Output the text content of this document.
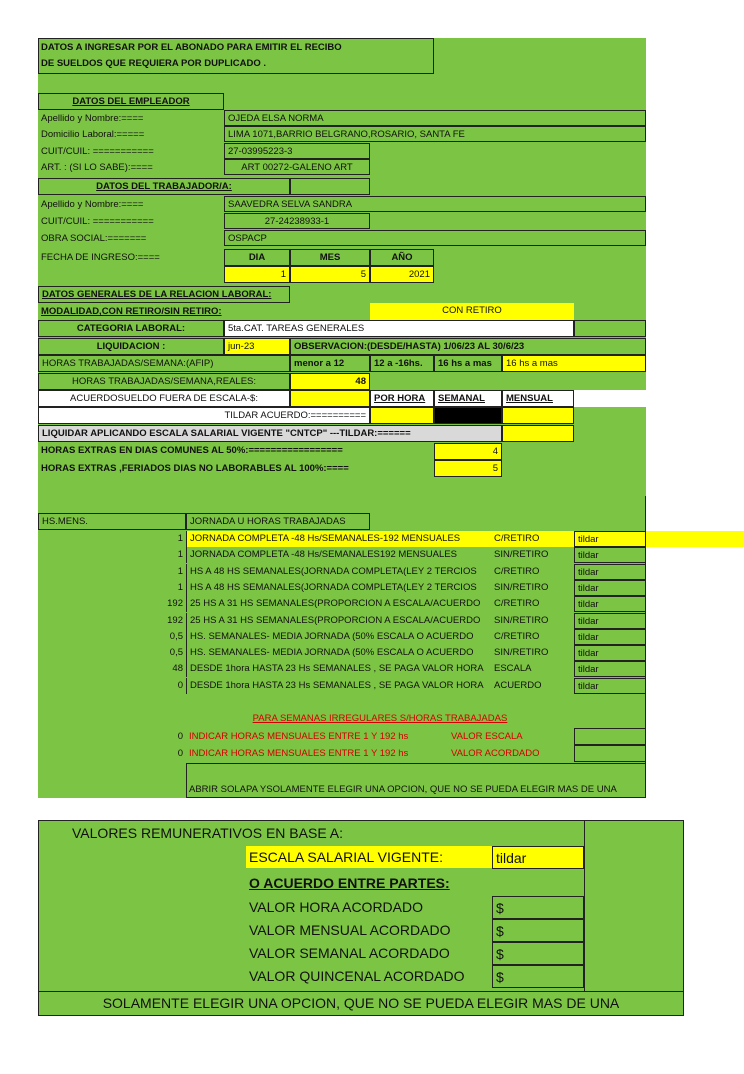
DATOS A INGRESAR POR EL ABONADO PARA EMITIR EL RECIBO
DE SUELDOS QUE REQUIERA POR DUPLICADO .
DATOS DEL EMPLEADOR
Apellido y Nombre:====	OJEDA ELSA NORMA
Domicilio Laboral:=====	LIMA 1071,BARRIO BELGRANO,ROSARIO, SANTA FE
CUIT/CUIL: ===========	27-03995223-3
ART. : (SI LO SABE):====	ART 00272-GALENO ART
DATOS DEL TRABAJADOR/A:
Apellido y Nombre:====	SAAVEDRA SELVA SANDRA
CUIT/CUIL: ===========	27-24238933-1
OBRA SOCIAL:=======	OSPACP
FECHA DE INGRESO:====	DIA	MES	AÑO
1	5	2021
DATOS GENERALES DE LA RELACION LABORAL:
MODALIDAD,CON RETIRO/SIN RETIRO:	CON RETIRO
CATEGORIA LABORAL:	5ta.CAT. TAREAS GENERALES
LIQUIDACION :	jun-23	OBSERVACION:(DESDE/HASTA) 1/06/23 AL 30/6/23
HORAS TRABAJADAS/SEMANA:(AFIP)	menor a 12	12 a -16hs.	16 hs a mas	16 hs a mas
HORAS TRABAJADAS/SEMANA,REALES:	48
ACUERDOSUELDO FUERA DE ESCALA-$:	POR HORA	SEMANAL	MENSUAL
TILDAR ACUERDO:==========
LIQUIDAR APLICANDO ESCALA SALARIAL VIGENTE "CNTCP" ---TILDAR:======
HORAS EXTRAS EN DIAS COMUNES AL 50%:=================	4
HORAS EXTRAS ,FERIADOS DIAS NO LABORABLES AL 100%:====	5
HS.MENS.	JORNADA U HORAS TRABAJADAS
1 JORNADA COMPLETA -48 Hs/SEMANALES-192 MENSUALES	C/RETIRO	tildar
1 JORNADA COMPLETA -48 Hs/SEMANALES192 MENSUALES	SIN/RETIRO	tildar
1 HS A 48 HS SEMANALES(JORNADA COMPLETA(LEY 2 TERCIOS	C/RETIRO	tildar
1 HS A 48 HS SEMANALES(JORNADA COMPLETA(LEY 2 TERCIOS	SIN/RETIRO	tildar
192 25 HS A 31 HS SEMANALES(PROPORCION A ESCALA/ACUERDO	C/RETIRO	tildar
192 25 HS A 31 HS SEMANALES(PROPORCION A ESCALA/ACUERDO	SIN/RETIRO	tildar
0,5 HS. SEMANALES- MEDIA JORNADA (50% ESCALA O ACUERDO	C/RETIRO	tildar
0,5 HS. SEMANALES- MEDIA JORNADA (50% ESCALA O ACUERDO	SIN/RETIRO	tildar
48 DESDE 1hora HASTA 23 Hs SEMANALES , SE PAGA VALOR HORA	ESCALA	tildar
0 DESDE 1hora HASTA 23 Hs SEMANALES , SE PAGA VALOR HORA	ACUERDO	tildar
PARA SEMANAS IRREGULARES S/HORAS TRABAJADAS
0 INDICAR HORAS MENSUALES ENTRE 1 Y 192 hs	VALOR ESCALA
0 INDICAR HORAS MENSUALES ENTRE 1 Y 192 hs	VALOR ACORDADO
ABRIR SOLAPA YSOLAMENTE ELEGIR UNA OPCION, QUE NO SE PUEDA ELEGIR MAS DE UNA
VALORES REMUNERATIVOS EN BASE A:
ESCALA SALARIAL VIGENTE:	tildar
O ACUERDO ENTRE PARTES:
VALOR HORA ACORDADO	$
VALOR MENSUAL ACORDADO	$
VALOR SEMANAL ACORDADO	$
VALOR QUINCENAL ACORDADO	$
SOLAMENTE ELEGIR UNA OPCION, QUE NO SE PUEDA ELEGIR MAS DE UNA
